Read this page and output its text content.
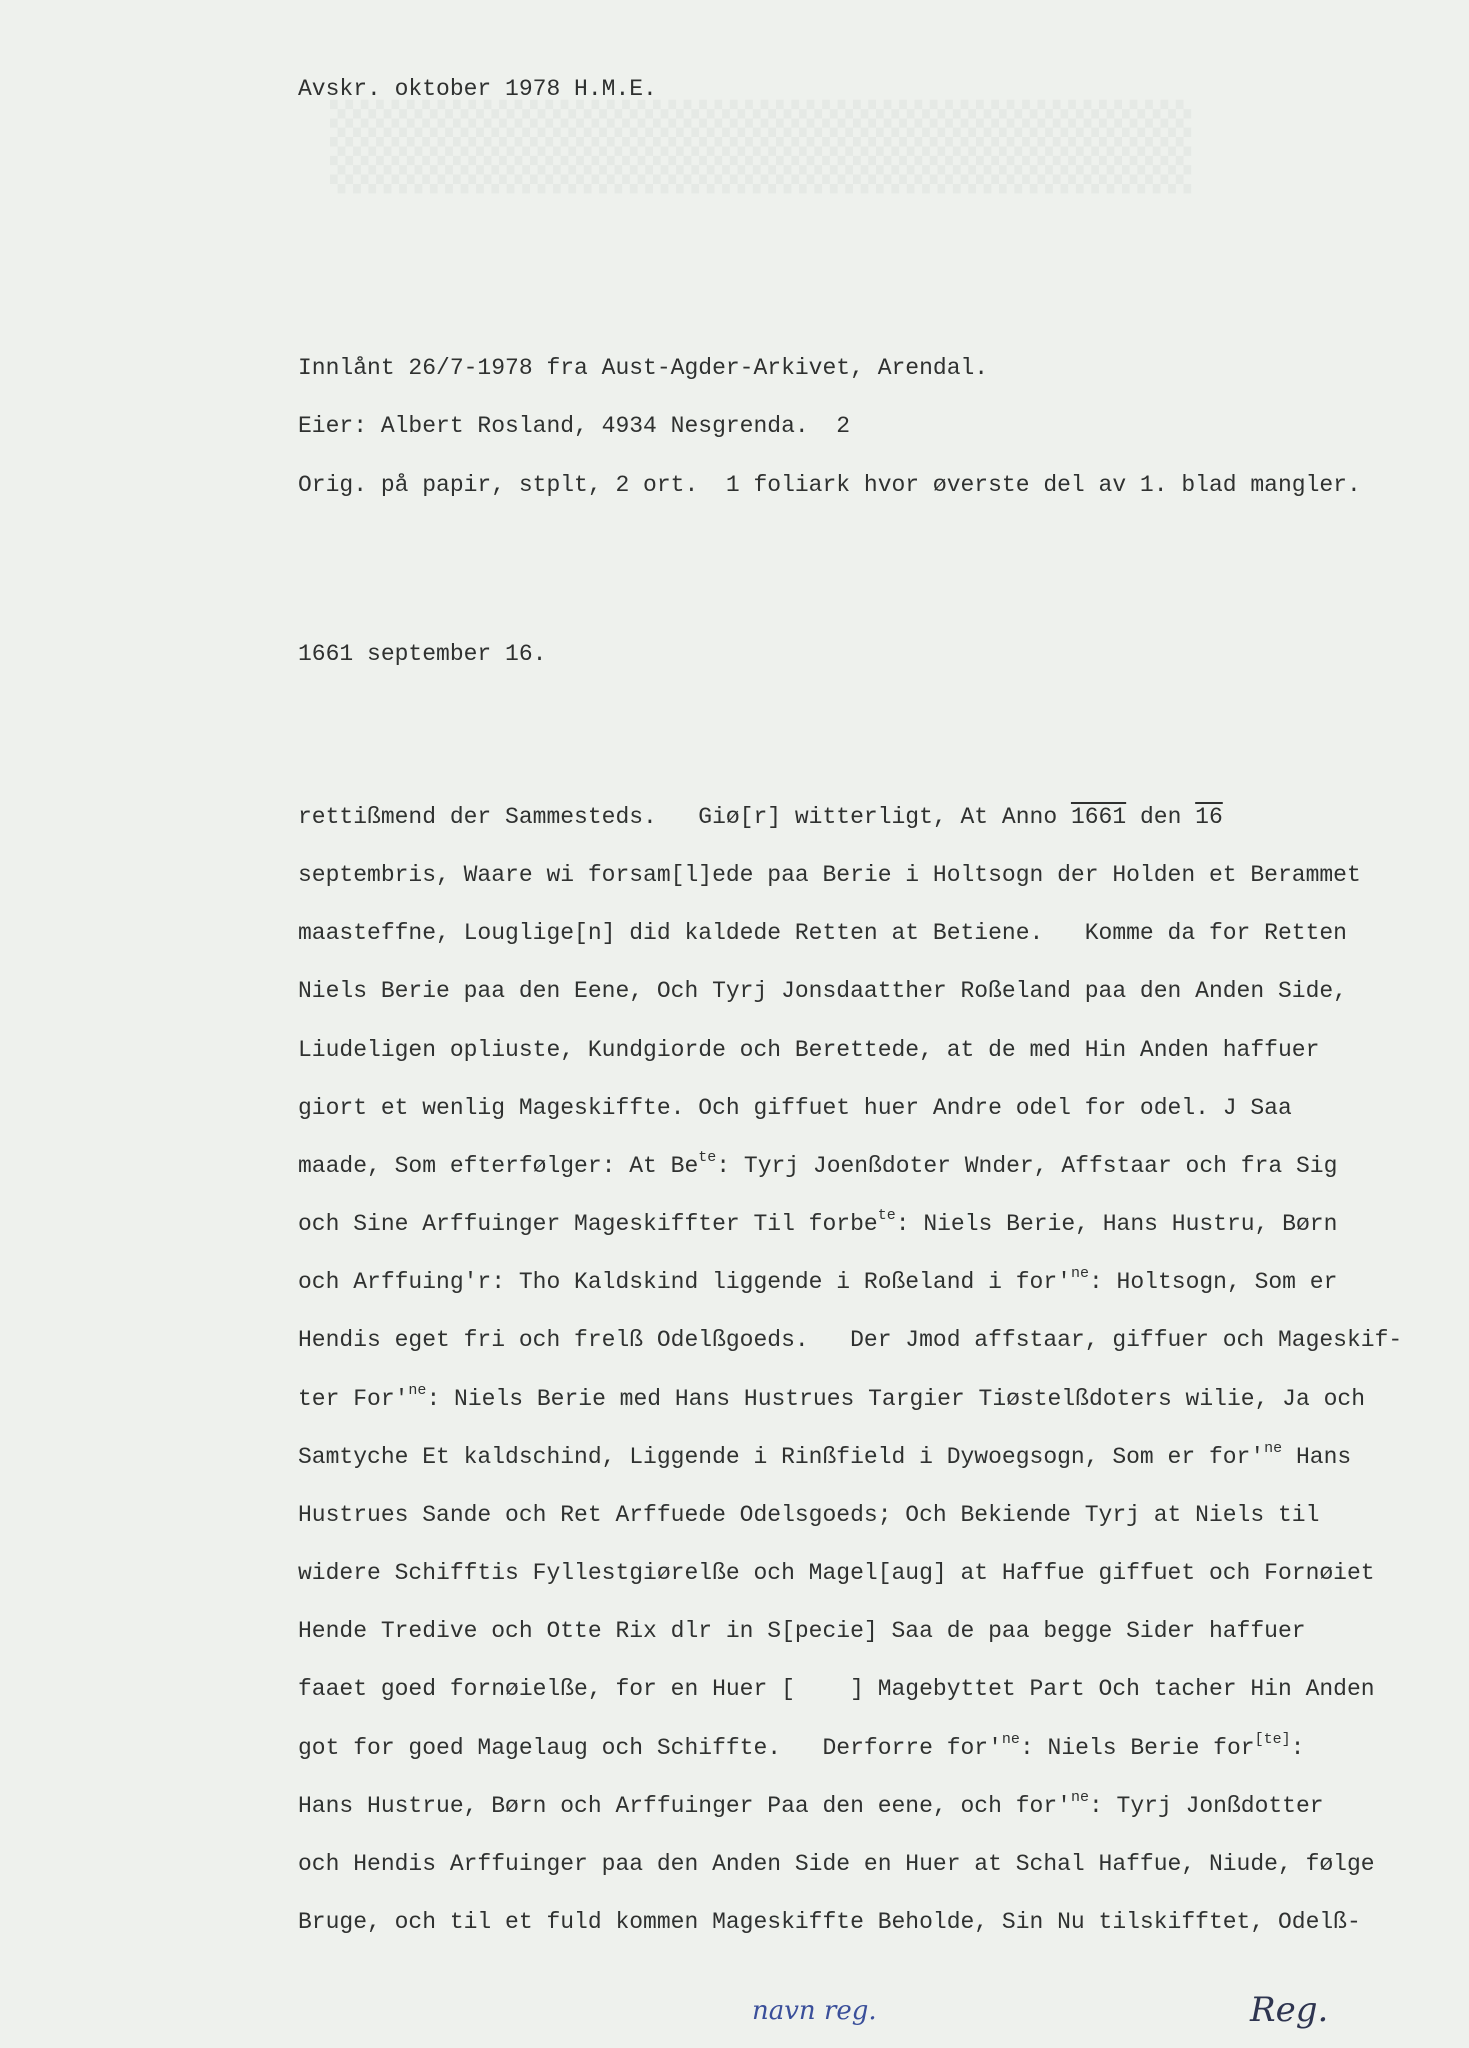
▒▒▒▒▒▒▒▒▒▒▒▒▒▒
Avskr. oktober 1978 H.M.E.
Innlånt 26/7-1978 fra Aust-Agder-Arkivet, Arendal.
Eier: Albert Rosland, 4934 Nesgrenda. 2
Orig. på papir, stplt, 2 ort.  1 foliark hvor øverste del av 1. blad mangler.
1661 september 16.
rettißmend der Sammesteds.   Giø[r] witterligt, At Anno 1661 den 16
septembris, Waare wi forsam[l]ede paa Berie i Holtsogn der Holden et Berammet
maasteffne, Louglige[n] did kaldede Retten at Betiene.   Komme da for Retten
Niels Berie paa den Eene, Och Tyrj Jonsdaatther Roßeland paa den Anden Side,
Liudeligen opliuste, Kundgiorde och Berettede, at de med Hin Anden haffuer
giort et wenlig Mageskiffte. Och giffuet huer Andre odel for odel. J Saa
maade, Som efterfølger: At $Be^{te}$: Tyrj Joenßdoter Wnder, Affstaar och fra Sig
och Sine Arffuinger Mageskiffter Til forbe$^{te}$: Niels Berie, Hans Hustru, Børn
och Arffuing'r: Tho Kaldskind liggende i Roßeland i $for'^{ne}$: Holtsogn, Som er
Hendis eget fri och frelß Odelßgoeds.   Der Jmod affstaar, giffuer och Mageskif-
ter $For'^{ne}$: Niels Berie med Hans Hustrues Targier Tiøstelßdoters wilie, Ja och
Samtyche Et kaldschind, Liggende i Rinßfield i Dywoegsogn, Som er $for'^{ne}$ Hans
Hustrues Sande och Ret Arffuede Odelsgoeds; Och Bekiende Tyrj at Niels til
widere Schifftis Fyllestgiørelße och Magel[aug] at Haffue giffuet och Fornøiet
Hende Tredive och Otte Rix dlr in S[pecie] Saa de paa begge Sider haffuer
faaet goed fornøielße, for en Huer [    ] Magebyttet Part Och tacher Hin Anden
got for goed Magelaug och Schiffte.   Derforre $for'^{ne}$: Niels Berie for[te]:
Hans Hustrue, Børn och Arffuinger Paa den eene, och $for'^{ne}$: Tyrj Jonßdotter
och Hendis Arffuinger paa den Anden Side en Huer at Schal Haffue, Niude, følge
Bruge, och til et fuld kommen Mageskiffte Beholde, Sin Nu tilskifftet, Odelß-
navn reg.	Reg.
